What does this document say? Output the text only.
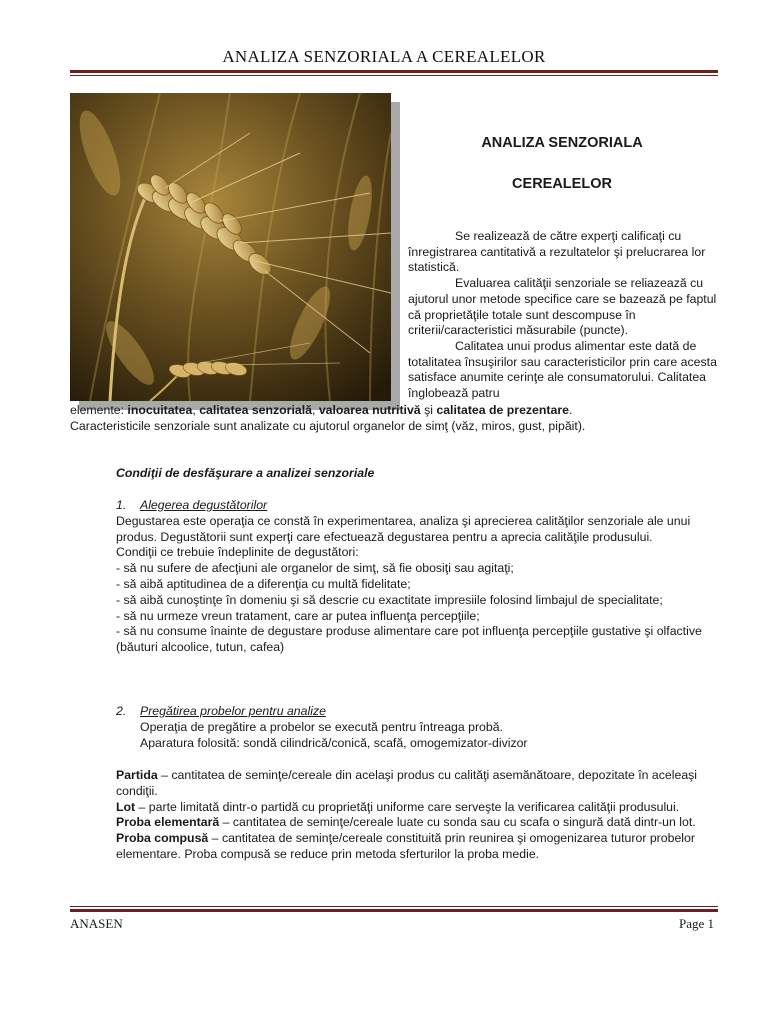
ANALIZA SENZORIALA A CEREALELOR
ANALIZA SENZORIALA
CEREALELOR

Se realizează de către experţi calificaţi cu înregistrarea cantitativă a rezultatelor şi prelucrarea lor statistică.

Evaluarea calităţii senzoriale se reliazează cu ajutorul unor metode specifice care se bazează pe faptul că proprietăţile totale sunt descompuse în criterii/caracteristici măsurabile (puncte).

Calitatea unui produs alimentar este dată de totalitatea însuşirilor sau caracteristicilor prin care acesta satisface anumite cerinţe ale consumatorului. Calitatea înglobează patru

elemente: inocuitatea, calitatea senzorială, valoarea nutritivă şi calitatea de prezentare.

Caracteristicile senzoriale sunt analizate cu ajutorul organelor de simţ (văz, miros, gust, pipăit).

Condiţii de desfăşurare a analizei senzoriale

1. Alegerea degustătorilor

Degustarea este operaţia ce constă în experimentarea, analiza şi aprecierea calităţilor senzoriale ale unui produs. Degustătorii sunt experţi care efectuează degustarea pentru a aprecia calităţile produsului.

Condiţii ce trebuie îndeplinite de degustători:

- să nu sufere de afecţiuni ale organelor de simţ, să fie obosiţi sau agitaţi;

- să aibă aptitudinea de a diferenţia cu multă fidelitate;

- să aibă cunoştinţe în domeniu şi să descrie cu exactitate impresiile folosind limbajul de specialitate;

- să nu urmeze vreun tratament, care ar putea influenţa percepţiile;

- să nu consume înainte de degustare produse alimentare care pot influenţa percepţiile gustative şi olfactive (băuturi alcoolice, tutun, cafea)

2. Pregătirea probelor pentru analize

Operaţia de pregătire a probelor se execută pentru întreaga probă.

Aparatura folosită: sondă cilindrică/conică, scafă, omogemizator-divizor

Partida – cantitatea de seminţe/cereale din acelaşi produs cu calităţi asemănătoare, depozitate în aceleaşi condiţii.

Lot – parte limitată dintr-o partidă cu proprietăţi uniforme care serveşte la verificarea calităţii produsului.

Proba elementară – cantitatea de seminţe/cereale luate cu sonda sau cu scafa o singură dată dintr-un lot.

Proba compusă – cantitatea de seminţe/cereale constituită prin reunirea şi omogenizarea tuturor probelor elementare. Proba compusă se reduce prin metoda sferturilor la proba medie.

ANASEN	Page 1
